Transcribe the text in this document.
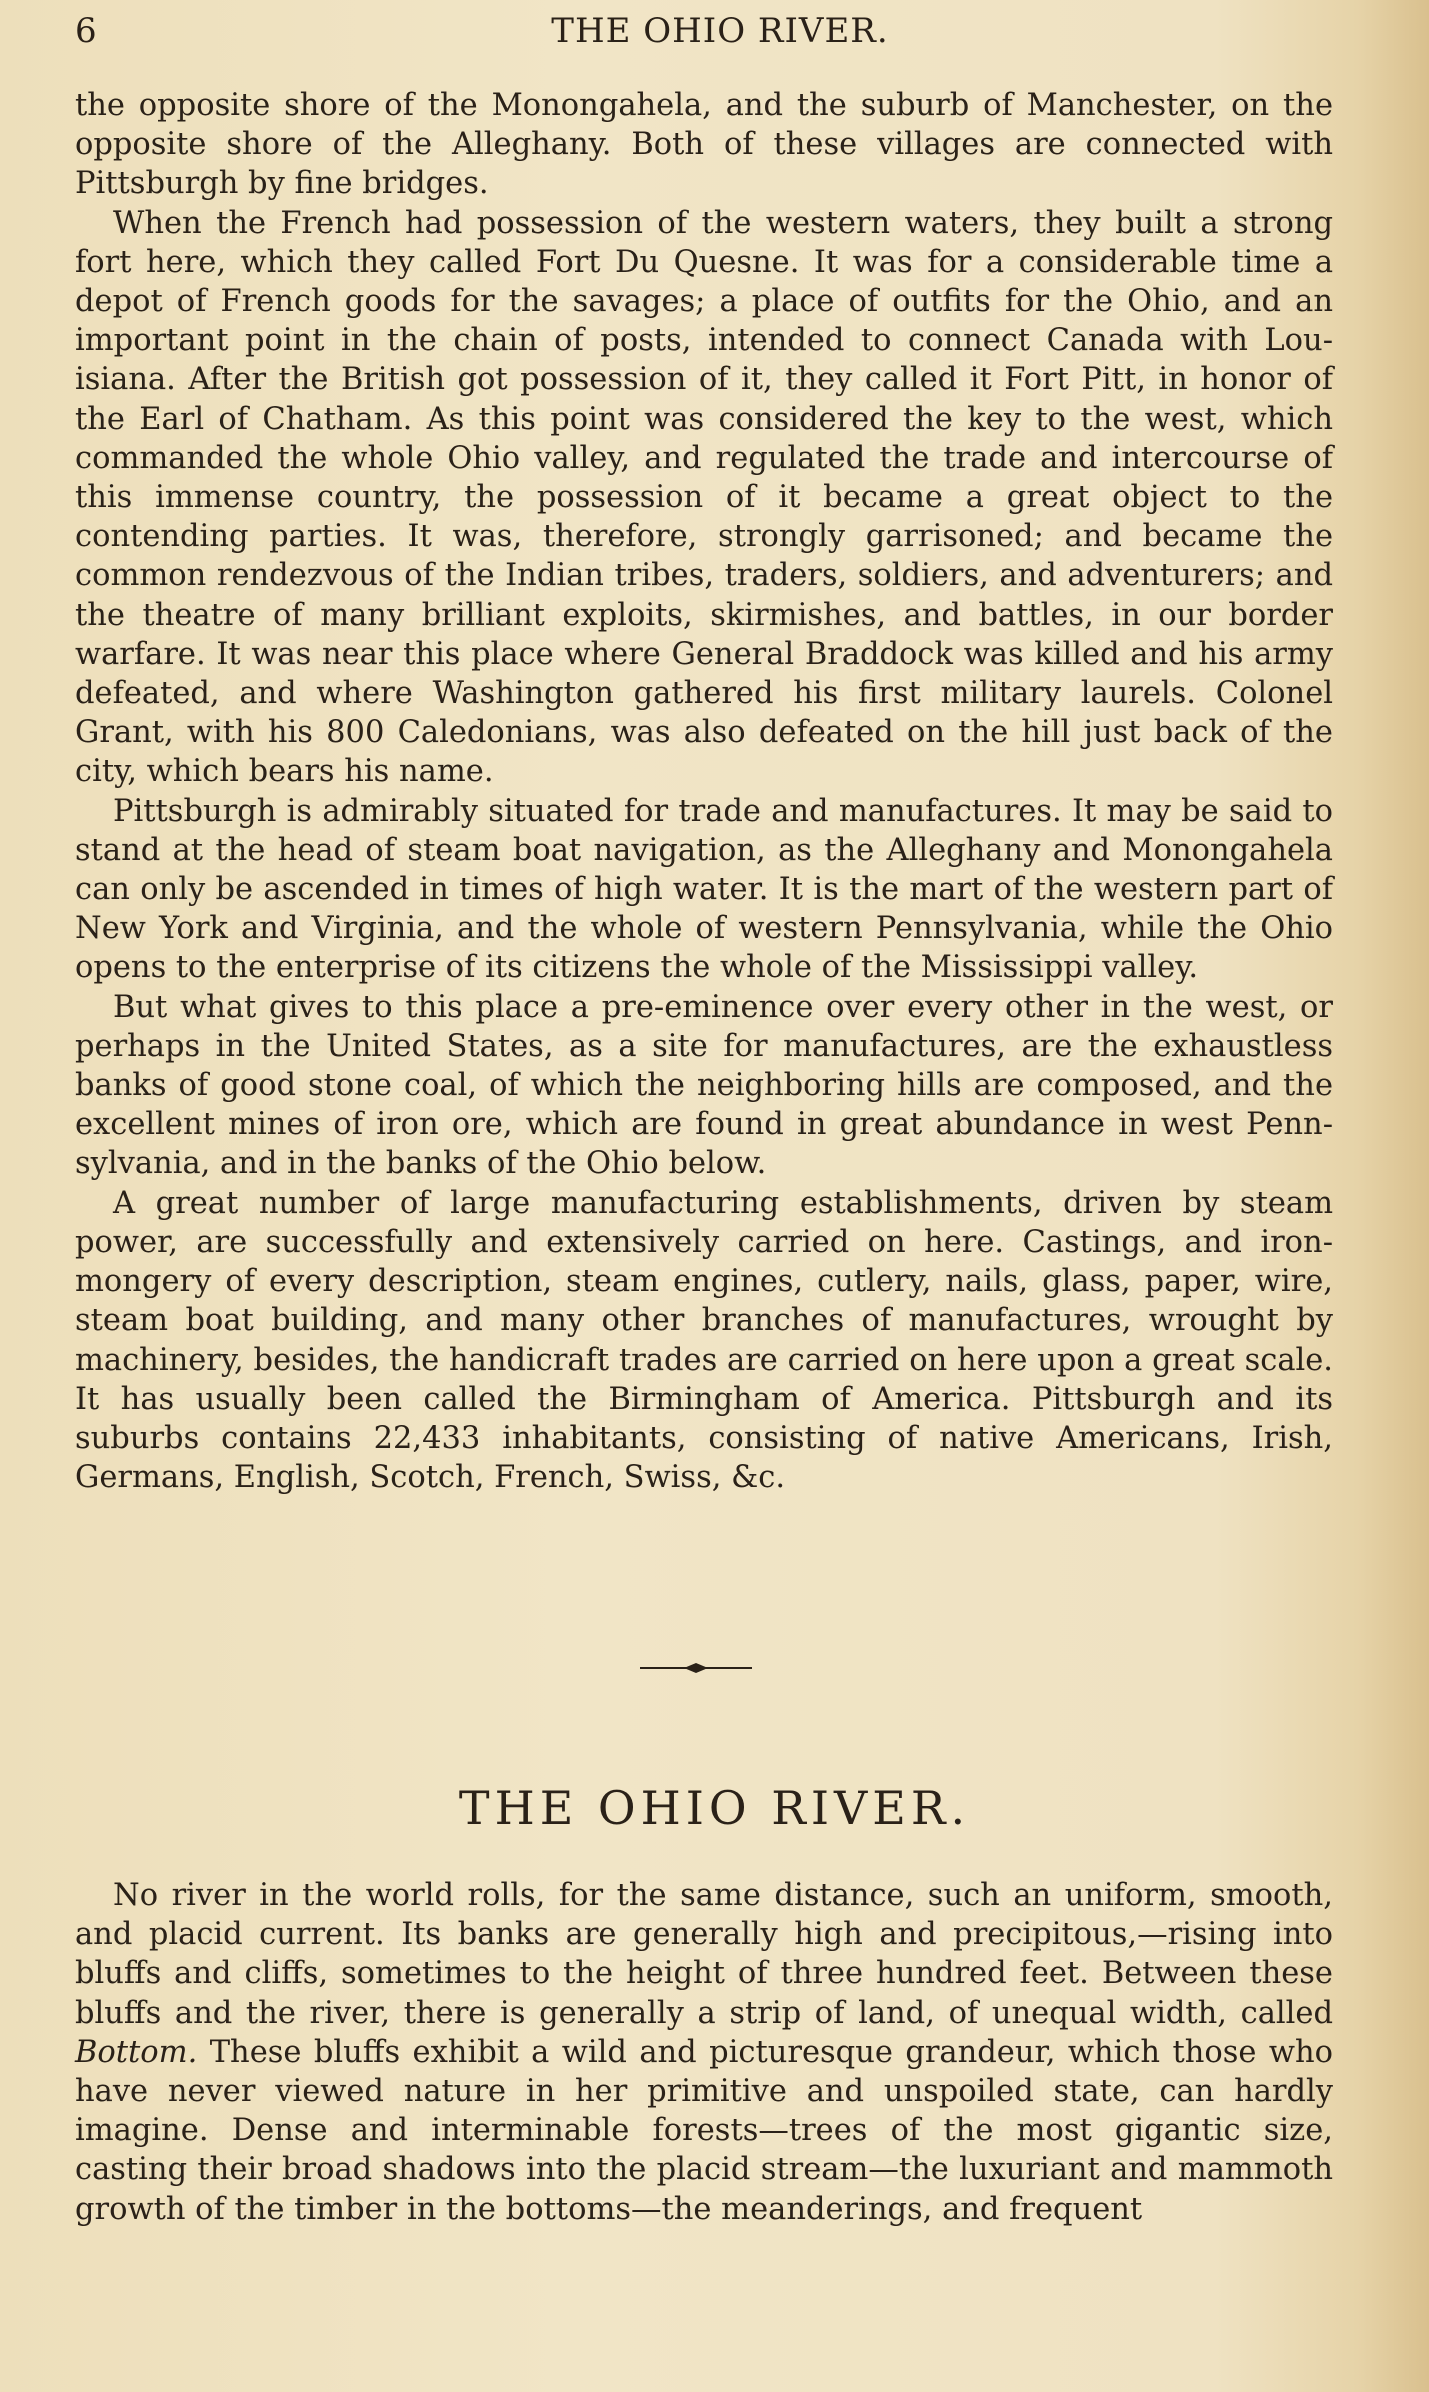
6	THE OHIO RIVER.

the opposite shore of the Monongahela, and the suburb of Manchester, on the opposite shore of the Alleghany. Both of these villages are connected with Pittsburgh by fine bridges.

When the French had possession of the western waters, they built a strong fort here, which they called Fort Du Quesne. It was for a considerable time a depot of French goods for the savages; a place of outfits for the Ohio, and an important point in the chain of posts, intended to connect Canada with Louisiana. After the British got possession of it, they called it Fort Pitt, in honor of the Earl of Chatham. As this point was considered the key to the west, which commanded the whole Ohio valley, and regulated the trade and intercourse of this immense country, the possession of it became a great object to the contending parties. It was, therefore, strongly garrisoned; and became the common rendezvous of the Indian tribes, traders, soldiers, and adventurers; and the theatre of many brilliant exploits, skirmishes, and battles, in our border warfare. It was near this place where General Braddock was killed and his army defeated, and where Washington gathered his first military laurels. Colonel Grant, with his 800 Caledonians, was also defeated on the hill just back of the city, which bears his name.

Pittsburgh is admirably situated for trade and manufactures. It may be said to stand at the head of steam boat navigation, as the Alleghany and Monongahela can only be ascended in times of high water. It is the mart of the western part of New York and Virginia, and the whole of western Pennsylvania, while the Ohio opens to the enterprise of its citizens the whole of the Mississippi valley.

But what gives to this place a pre-eminence over every other in the west, or perhaps in the United States, as a site for manufactures, are the exhaustless banks of good stone coal, of which the neighboring hills are composed, and the excellent mines of iron ore, which are found in great abundance in west Pennsylvania, and in the banks of the Ohio below.

A great number of large manufacturing establishments, driven by steam power, are successfully and extensively carried on here. Castings, and ironmongery of every description, steam engines, cutlery, nails, glass, paper, wire, steam boat building, and many other branches of manufactures, wrought by machinery, besides, the handicraft trades are carried on here upon a great scale. It has usually been called the Birmingham of America. Pittsburgh and its suburbs contains 22,433 inhabitants, consisting of native Americans, Irish, Germans, English, Scotch, French, Swiss, &c.

THE OHIO RIVER.

No river in the world rolls, for the same distance, such an uniform, smooth, and placid current. Its banks are generally high and precipitous,—rising into bluffs and cliffs, sometimes to the height of three hundred feet. Between these bluffs and the river, there is generally a strip of land, of unequal width, called Bottom. These bluffs exhibit a wild and picturesque grandeur, which those who have never viewed nature in her primitive and unspoiled state, can hardly imagine. Dense and interminable forests—trees of the most gigantic size, casting their broad shadows into the placid stream—the luxuriant and mammoth growth of the timber in the bottoms—the meanderings, and frequent
